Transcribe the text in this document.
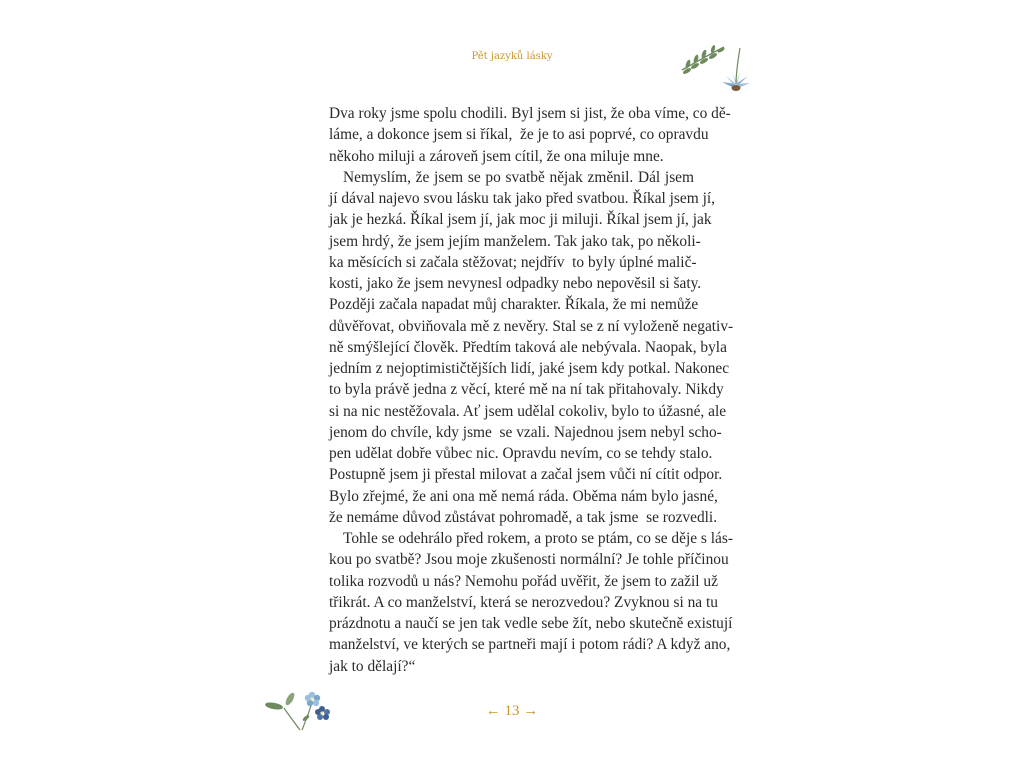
Pět jazyků lásky

Dva roky jsme spolu chodili. Byl jsem si jist, že oba víme, co dě-
láme, a dokonce jsem si říkal,  že je to asi poprvé, co opravdu
někoho miluji a zároveň jsem cítil, že ona miluje mne.

Nemyslím, že jsem se po svatbě nějak změnil. Dál jsem
jí dával najevo svou lásku tak jako před svatbou. Říkal jsem jí,
jak je hezká. Říkal jsem jí, jak moc ji miluji. Říkal jsem jí, jak
jsem hrdý, že jsem jejím manželem. Tak jako tak, po několi-
ka měsících si začala stěžovat; nejdřív  to byly úplné malič-
kosti, jako že jsem nevynesl odpadky nebo nepověsil si šaty.
Později začala napadat můj charakter. Říkala, že mi nemůže
důvěřovat, obviňovala mě z nevěry. Stal se z ní vyloženě negativ-
ně smýšlející člověk. Předtím taková ale nebývala. Naopak, byla
jedním z nejoptimističtějších lidí, jaké jsem kdy potkal. Nakonec
to byla právě jedna z věcí, které mě na ní tak přitahovaly. Nikdy
si na nic nestěžovala. Ať jsem udělal cokoliv, bylo to úžasné, ale
jenom do chvíle, kdy jsme  se vzali. Najednou jsem nebyl scho-
pen udělat dobře vůbec nic. Opravdu nevím, co se tehdy stalo.
Postupně jsem ji přestal milovat a začal jsem vůči ní cítit odpor.
Bylo zřejmé, že ani ona mě nemá ráda. Oběma nám bylo jasné,
že nemáme důvod zůstávat pohromadě, a tak jsme  se rozvedli.

Tohle se odehrálo před rokem, a proto se ptám, co se děje s lás-
kou po svatbě? Jsou moje zkušenosti normální? Je tohle příčinou
tolika rozvodů u nás? Nemohu pořád uvěřit, že jsem to zažil už
třikrát. A co manželství, která se nerozvedou? Zvyknou si na tu
prázdnotu a naučí se jen tak vedle sebe žít, nebo skutečně existují
manželství, ve kterých se partneři mají i potom rádi? A když ano,
jak to dělají?“

← 13 →
